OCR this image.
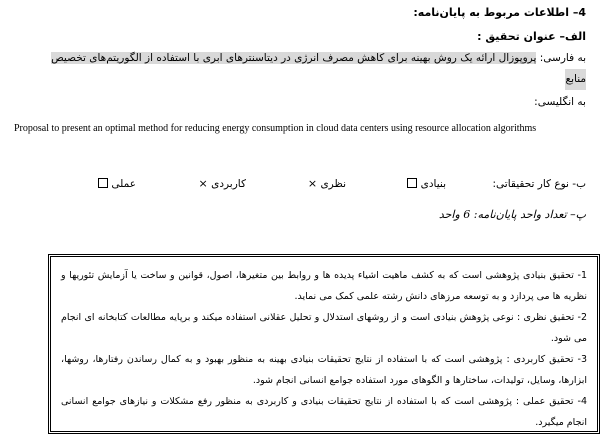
4– اطلاعات مربوط به پایان‌نامه:
الف– عنوان تحقیق :
به فارسی: پروپوزال ارائه یک روش بهینه برای کاهش مصرف انرژی در دیتاسنترهای ابری با استفاده از الگوریتم‌های تخصیص
منابع
به انگلیسی:
Proposal to present an optimal method for reducing energy consumption in cloud data centers using resource allocation algorithms
ب- نوع کار تحقیقاتی:
بنیادی
نظری ×
کاربردی ×
عملی
پ– تعداد واحد پایان‌نامه: 6 واحد
1- تحقیق بنیادی پژوهشی است که به کشف ماهیت اشیاء پدیده ها و روابط بین متغیرها، اصول، قوانین و ساخت یا آزمایش تئوریها و نظریه ها می پردازد و به توسعه مرزهای دانش رشته علمی کمک می نماید.
2- تحقیق نظری : نوعی پژوهش بنیادی است و از روشهای استدلال و تحلیل عقلانی استفاده میکند و برپایه مطالعات کتابخانه ای انجام می شود.
3- تحقیق کاربردی : پژوهشی است که با استفاده از نتایج تحقیقات بنیادی بهینه به منظور بهبود و به کمال رساندن رفتارها، روشها، ابزارها، وسایل، تولیدات، ساختارها و الگوهای مورد استفاده جوامع انسانی انجام شود.
4- تحقیق عملی : پژوهشی است که با استفاده از نتایج تحقیقات بنیادی و کاربردی به منظور رفع مشکلات و نیازهای جوامع انسانی انجام میگیرد.
